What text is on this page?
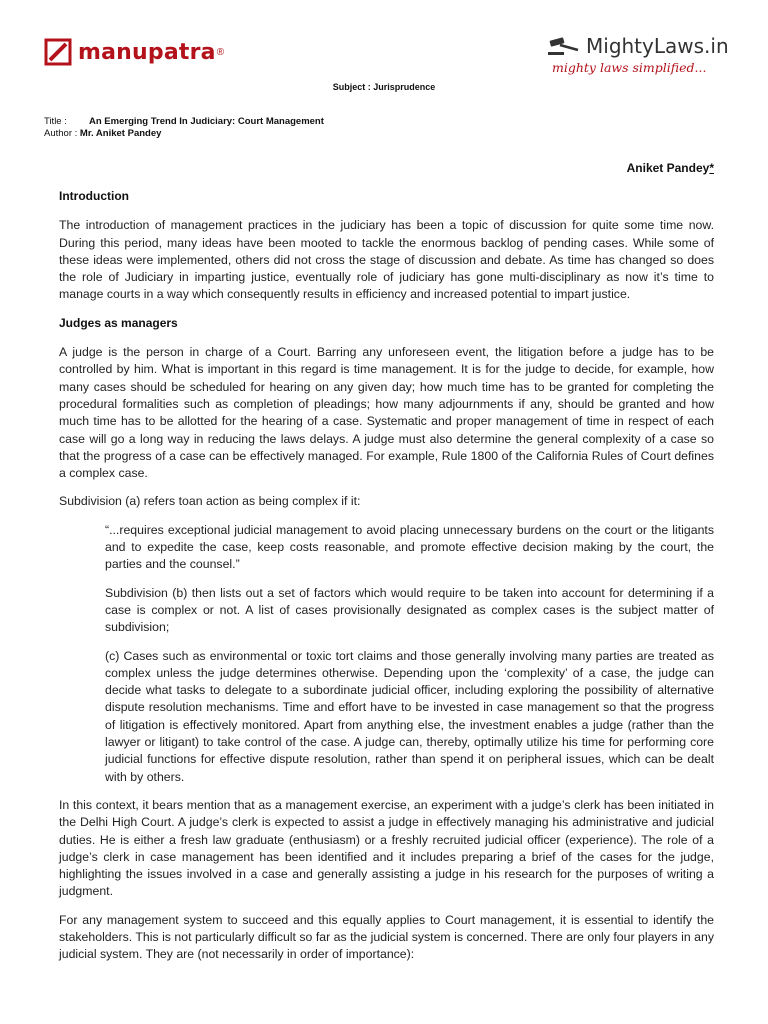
manupatra ®	MightyLaws.in
mighty laws simplified...
Subject : Jurisprudence
Title :	An Emerging Trend In Judiciary: Court Management
Author :
Mr. Aniket Pandey
Aniket Pandey*
Introduction

The introduction of management practices in the judiciary has been a topic of discussion for quite some time now. During this period, many ideas have been mooted to tackle the enormous backlog of pending cases. While some of these ideas were implemented, others did not cross the stage of discussion and debate. As time has changed so does the role of Judiciary in imparting justice, eventually role of judiciary has gone multi-disciplinary as now it’s time to manage courts in a way which consequently results in efficiency and increased potential to impart justice.

Judges as managers

A judge is the person in charge of a Court. Barring any unforeseen event, the litigation before a judge has to be controlled by him. What is important in this regard is time management. It is for the judge to decide, for example, how many cases should be scheduled for hearing on any given day; how much time has to be granted for completing the procedural formalities such as completion of pleadings; how many adjournments if any, should be granted and how much time has to be allotted for the hearing of a case. Systematic and proper management of time in respect of each case will go a long way in reducing the laws delays. A judge must also determine the general complexity of a case so that the progress of a case can be effectively managed. For example, Rule 1800 of the California Rules of Court defines a complex case.

Subdivision (a) refers toan action as being complex if it:

“...requires exceptional judicial management to avoid placing unnecessary burdens on the court or the litigants and to expedite the case, keep costs reasonable, and promote effective decision making by the court, the parties and the counsel.”

Subdivision (b) then lists out a set of factors which would require to be taken into account for determining if a case is complex or not. A list of cases provisionally designated as complex cases is the subject matter of subdivision;

(c) Cases such as environmental or toxic tort claims and those generally involving many parties are treated as complex unless the judge determines otherwise. Depending upon the ‘complexity’ of a case, the judge can decide what tasks to delegate to a subordinate judicial officer, including exploring the possibility of alternative dispute resolution mechanisms. Time and effort have to be invested in case management so that the progress of litigation is effectively monitored. Apart from anything else, the investment enables a judge (rather than the lawyer or litigant) to take control of the case. A judge can, thereby, optimally utilize his time for performing core judicial functions for effective dispute resolution, rather than spend it on peripheral issues, which can be dealt with by others.

In this context, it bears mention that as a management exercise, an experiment with a judge’s clerk has been initiated in the Delhi High Court. A judge’s clerk is expected to assist a judge in effectively managing his administrative and judicial duties. He is either a fresh law graduate (enthusiasm) or a freshly recruited judicial officer (experience). The role of a judge’s clerk in case management has been identified and it includes preparing a brief of the cases for the judge, highlighting the issues involved in a case and generally assisting a judge in his research for the purposes of writing a judgment.

For any management system to succeed and this equally applies to Court management, it is essential to identify the stakeholders. This is not particularly difficult so far as the judicial system is concerned. There are only four players in any judicial system. They are (not necessarily in order of importance):
